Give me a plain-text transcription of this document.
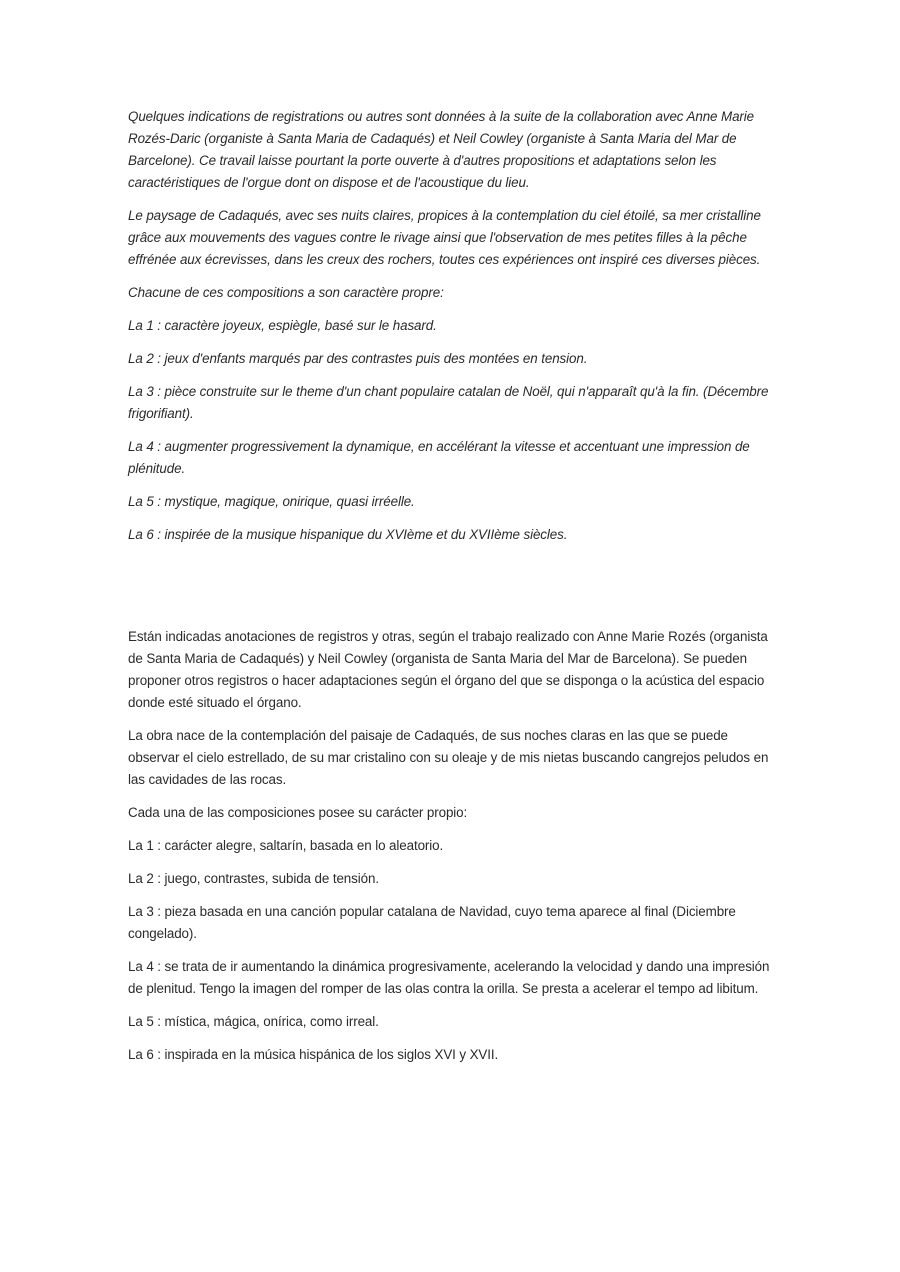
Quelques indications de registrations ou autres sont données à la suite de la collaboration avec Anne Marie Rozés-Daric (organiste à Santa Maria de Cadaqués) et Neil Cowley (organiste à Santa Maria del Mar de Barcelone). Ce travail laisse pourtant la porte ouverte à d'autres propositions et adaptations selon les caractéristiques de l'orgue dont on dispose et de l'acoustique du lieu.

Le paysage de Cadaqués, avec ses nuits claires, propices à la contemplation du ciel étoilé, sa mer cristalline grâce aux mouvements des vagues contre le rivage ainsi que l'observation de mes petites filles à la pêche effrénée aux écrevisses, dans les creux des rochers, toutes ces expériences ont inspiré ces diverses pièces.

Chacune de ces compositions a son caractère propre:

La 1 : caractère joyeux, espiègle, basé sur le hasard.

La 2 : jeux d'enfants marqués par des contrastes puis des montées en tension.

La 3 : pièce construite sur le theme d'un chant populaire catalan de Noël, qui n'apparaît qu'à la fin. (Décembre frigorifiant).

La 4 : augmenter progressivement la dynamique, en accélérant la vitesse et accentuant une impression de plénitude.

La 5 : mystique, magique, onirique, quasi irréelle.

La 6 : inspirée de la musique hispanique du XVIème et du XVIIème siècles.

Están indicadas anotaciones de registros y otras, según el trabajo realizado con Anne Marie Rozés (organista de Santa Maria de Cadaqués) y Neil Cowley (organista de Santa Maria del Mar de Barcelona). Se pueden proponer otros registros o hacer adaptaciones según el órgano del que se disponga o la acústica del espacio donde esté situado el órgano.

La obra nace de la contemplación del paisaje de Cadaqués, de sus noches claras en las que se puede observar el cielo estrellado, de su mar cristalino con su oleaje y de mis nietas buscando cangrejos peludos en las cavidades de las rocas.

Cada una de las composiciones posee su carácter propio:

La 1 : carácter alegre, saltarín, basada en lo aleatorio.

La 2 : juego, contrastes, subida de tensión.

La 3 : pieza basada en una canción popular catalana de Navidad, cuyo tema aparece al final (Diciembre congelado).

La 4 : se trata de ir aumentando la dinámica progresivamente, acelerando la velocidad y dando una impresión de plenitud. Tengo la imagen del romper de las olas contra la orilla. Se presta a acelerar el tempo ad libitum.

La 5 : mística, mágica, onírica, como irreal.

La 6 : inspirada en la música hispánica de los siglos XVI y XVII.
